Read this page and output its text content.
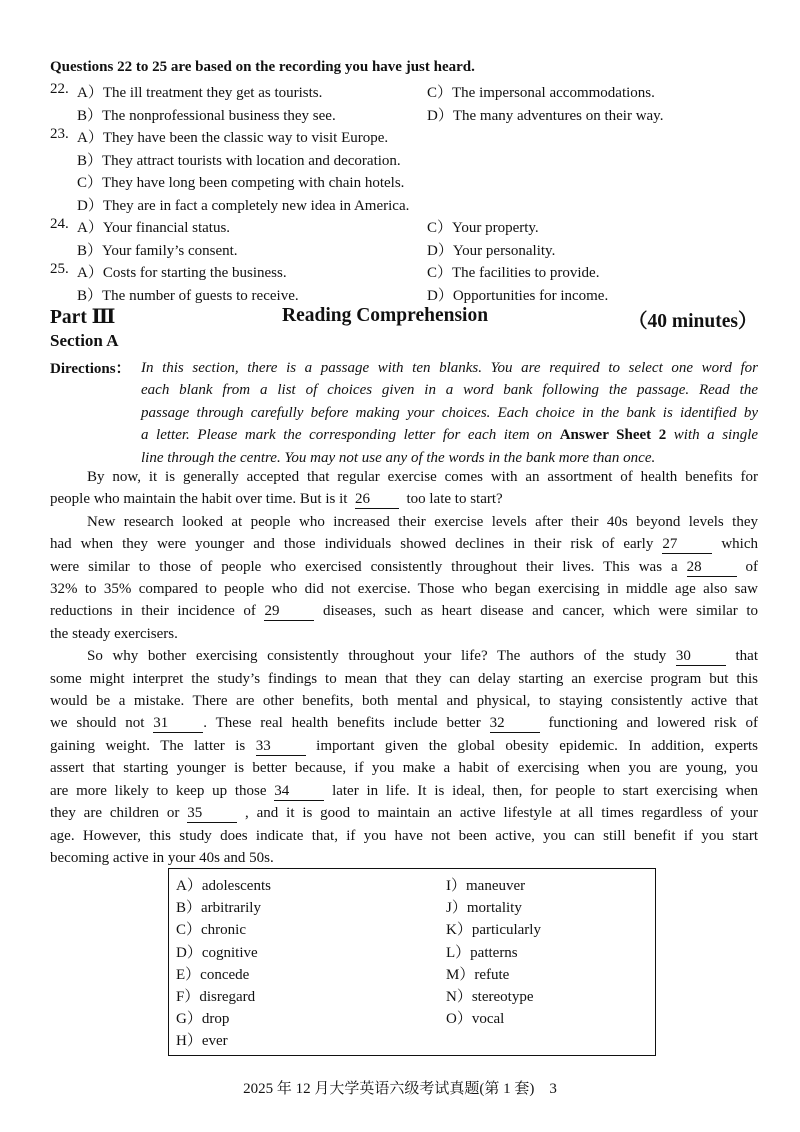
Questions 22 to 25 are based on the recording you have just heard.
22. A）The ill treatment they get as tourists.
B）The nonprofessional business they see.
C）The impersonal accommodations.
D）The many adventures on their way.
23. A）They have been the classic way to visit Europe.
B）They attract tourists with location and decoration.
C）They have long been competing with chain hotels.
D）They are in fact a completely new idea in America.
24. A）Your financial status.
B）Your family’s consent.
C）Your property.
D）Your personality.
25. A）Costs for starting the business.
B）The number of guests to receive.
C）The facilities to provide.
D）Opportunities for income.
Part Ⅲ	Reading Comprehension	（40 minutes）
Section A
Directions： In this section, there is a passage with ten blanks. You are required to select one word for
each blank from a list of choices given in a word bank following the passage. Read the
passage through carefully before making your choices. Each choice in the bank is identified by
a letter. Please mark the corresponding letter for each item on Answer Sheet 2 with a single
line through the centre. You may not use any of the words in the bank more than once.
By now, it is generally accepted that regular exercise comes with an assortment of health benefits for
people who maintain the habit over time. But is it 26 too late to start?
New research looked at people who increased their exercise levels after their 40s beyond levels they
had when they were younger and those individuals showed declines in their risk of early 27	which
were similar to those of people who exercised consistently throughout their lives. This was a 28	of
32% to 35% compared to people who did not exercise. Those who began exercising in middle age also saw
reductions in their incidence of 29	diseases, such as heart disease and cancer, which were similar to
the steady exercisers.
So why bother exercising consistently throughout your life? The authors of the study 30	that
some might interpret the study’s findings to mean that they can delay starting an exercise program but this
would be a mistake. There are other benefits, both mental and physical, to staying consistently active that
we should not 31 . These real health benefits include better 32	functioning and lowered risk of
gaining weight. The latter is 33	important given the global obesity epidemic. In addition, experts
assert that starting younger is better because, if you make a habit of exercising when you are young, you
are more likely to keep up those 34	later in life. It is ideal, then, for people to start exercising when
they are children or 35	, and it is good to maintain an active lifestyle at all times regardless of your
age. However, this study does indicate that, if you have not been active, you can still benefit if you start
becoming active in your 40s and 50s.
A）adolescents
B）arbitrarily
C）chronic
D）cognitive
E）concede
F）disregard
G）drop
H）ever
I）maneuver
J）mortality
K）particularly
L）patterns
M）refute
N）stereotype
O）vocal
2025 年 12 月大学英语六级考试真题(第 1 套)　3
